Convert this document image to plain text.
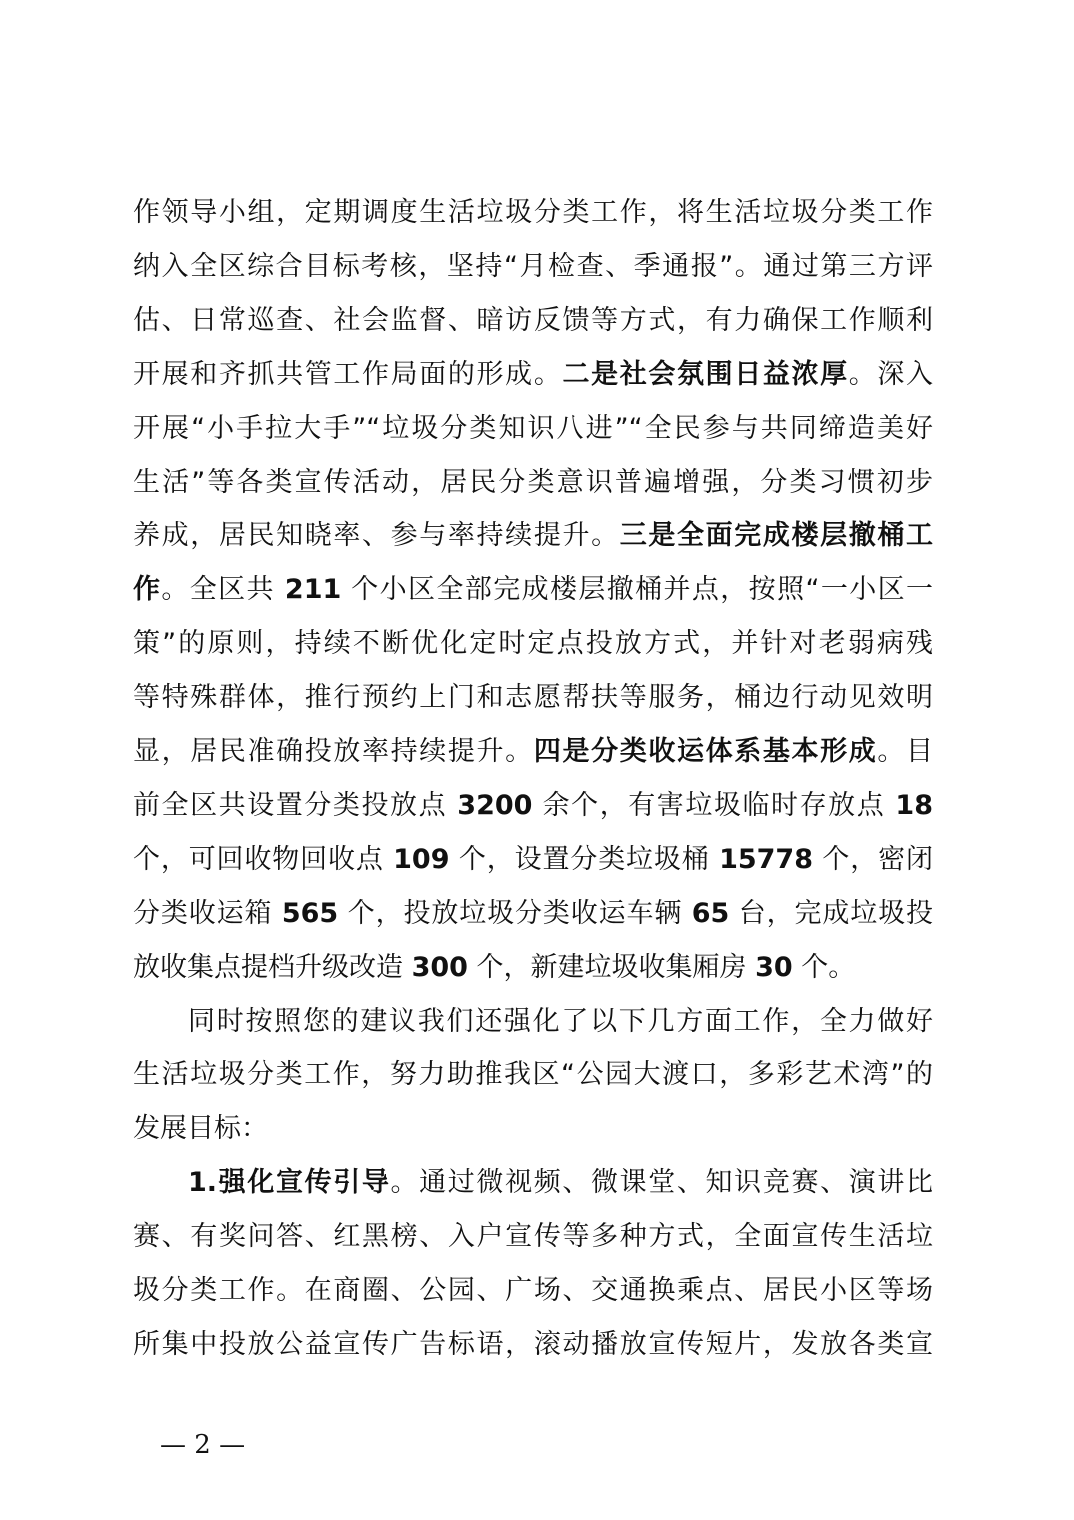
作领导小组，定期调度生活垃圾分类工作，将生活垃圾分类工作
纳入全区综合目标考核，坚持“月检查、季通报”。通过第三方评
估、日常巡查、社会监督、暗访反馈等方式，有力确保工作顺利
开展和齐抓共管工作局面的形成。二是社会氛围日益浓厚。深入
开展“小手拉大手”“垃圾分类知识八进”“全民参与共同缔造美好
生活”等各类宣传活动，居民分类意识普遍增强，分类习惯初步
养成，居民知晓率、参与率持续提升。三是全面完成楼层撤桶工
作。全区共 211 个小区全部完成楼层撤桶并点，按照“一小区一
策”的原则，持续不断优化定时定点投放方式，并针对老弱病残
等特殊群体，推行预约上门和志愿帮扶等服务，桶边行动见效明
显，居民准确投放率持续提升。四是分类收运体系基本形成。目
前全区共设置分类投放点 3200 余个，有害垃圾临时存放点 18
个，可回收物回收点 109 个，设置分类垃圾桶 15778 个，密闭
分类收运箱 565 个，投放垃圾分类收运车辆 65 台，完成垃圾投
放收集点提档升级改造 300 个，新建垃圾收集厢房 30 个。
同时按照您的建议我们还强化了以下几方面工作，全力做好
生活垃圾分类工作，努力助推我区“公园大渡口，多彩艺术湾”的
发展目标：
1.强化宣传引导。通过微视频、微课堂、知识竞赛、演讲比
赛、有奖问答、红黑榜、入户宣传等多种方式，全面宣传生活垃
圾分类工作。在商圈、公园、广场、交通换乘点、居民小区等场
所集中投放公益宣传广告标语，滚动播放宣传短片，发放各类宣
— 2 —
